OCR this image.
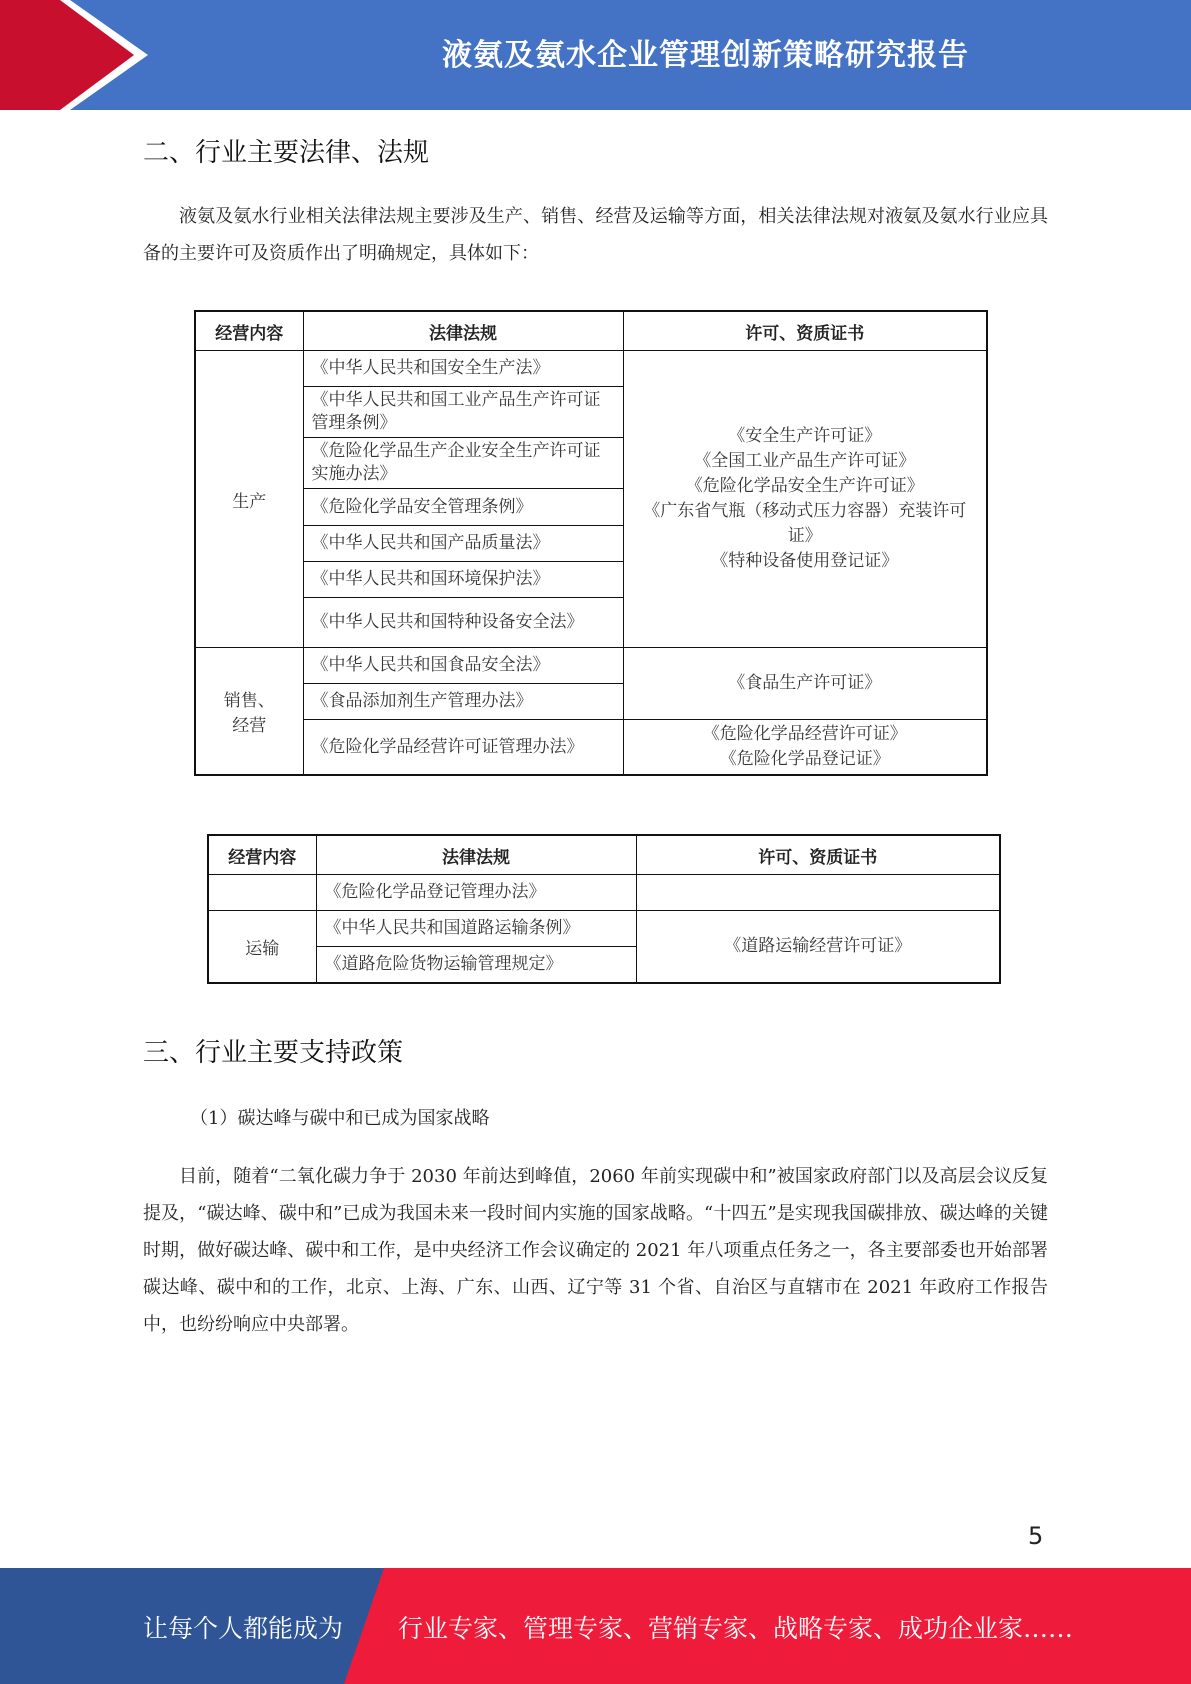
液氨及氨水企业管理创新策略研究报告
二、行业主要法律、法规
液氨及氨水行业相关法律法规主要涉及生产、销售、经营及运输等方面，相关法律法规对液氨及氨水行业应具备的主要许可及资质作出了明确规定，具体如下：
经营内容	法律法规	许可、资质证书
生产	《中华人民共和国安全生产法》	《安全生产许可证》
《全国工业产品生产许可证》
《危险化学品安全生产许可证》
《广东省气瓶（移动式压力容器）充装许可证》
《特种设备使用登记证》

	《中华人民共和国工业产品生产许可证管理条例》	
	《危险化学品生产企业安全生产许可证实施办法》	
	《危险化学品安全管理条例》	
	《中华人民共和国产品质量法》	
	《中华人民共和国环境保护法》	
	《中华人民共和国特种设备安全法》	

销售、
经营	《中华人民共和国食品安全法》	《食品生产许可证》
	《食品添加剂生产管理办法》	
	《危险化学品经营许可证管理办法》	《危险化学品经营许可证》
《危险化学品登记证》
经营内容	法律法规	许可、资质证书
	《危险化学品登记管理办法》	
运输	《中华人民共和国道路运输条例》	《道路运输经营许可证》
	《道路危险货物运输管理规定》	
三、行业主要支持政策
（1）碳达峰与碳中和已成为国家战略
目前，随着“二氧化碳力争于 2030 年前达到峰值，2060 年前实现碳中和”被国家政府部门以及高层会议反复提及，“碳达峰、碳中和”已成为我国未来一段时间内实施的国家战略。“十四五”是实现我国碳排放、碳达峰的关键时期，做好碳达峰、碳中和工作，是中央经济工作会议确定的 2021 年八项重点任务之一，各主要部委也开始部署碳达峰、碳中和的工作，北京、上海、广东、山西、辽宁等 31 个省、自治区与直辖市在 2021 年政府工作报告中，也纷纷响应中央部署。
5
让每个人都能成为 行业专家、管理专家、营销专家、战略专家、成功企业家……
